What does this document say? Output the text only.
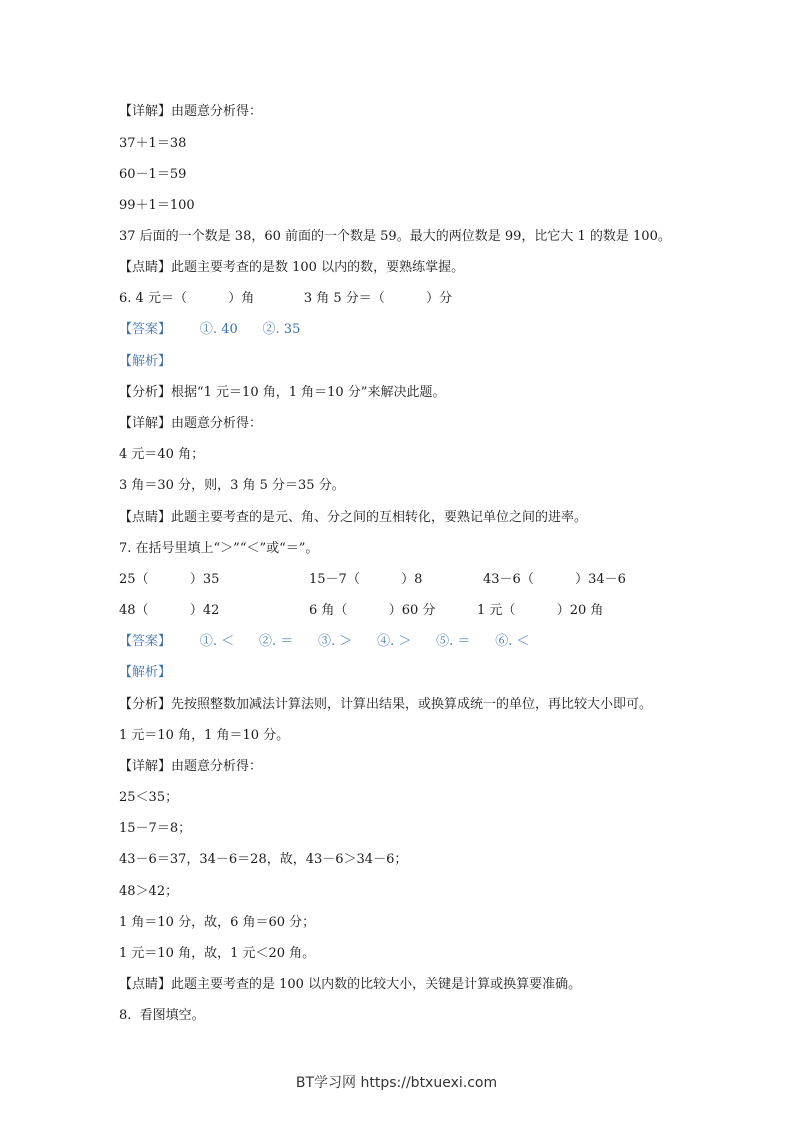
【详解】由题意分析得：
37＋1＝38
60－1＝59
99＋1＝100
37 后面的一个数是 38，60 前面的一个数是 59。最大的两位数是 99，比它大 1 的数是 100。
【点睛】此题主要考查的是数 100 以内的数，要熟练掌握。
6. 4 元＝（          ）角            3 角 5 分＝（          ）分
【答案】       ①. 40      ②. 35
【解析】
【分析】根据“1 元＝10 角，1 角＝10 分”来解决此题。
【详解】由题意分析得：
4 元＝40 角；
3 角＝30 分，则，3 角 5 分＝35 分。
【点睛】此题主要考查的是元、角、分之间的互相转化，要熟记单位之间的进率。
7. 在括号里填上“＞”“＜”或“＝”。
25（          ）35	15－7（          ）8	43－6（          ）34－6
48（          ）42	6 角（          ）60 分	1 元（          ）20 角
【答案】       ①. ＜      ②. ＝      ③. ＞      ④. ＞      ⑤. ＝      ⑥. ＜
【解析】
【分析】先按照整数加减法计算法则，计算出结果，或换算成统一的单位，再比较大小即可。
1 元＝10 角，1 角＝10 分。
【详解】由题意分析得：
25＜35；
15－7＝8；
43－6＝37，34－6＝28，故，43－6＞34－6；
48＞42；
1 角＝10 分，故，6 角＝60 分；
1 元＝10 角，故，1 元＜20 角。
【点睛】此题主要考查的是 100 以内数的比较大小，关键是计算或换算要准确。
8.  看图填空。
BT学习网 https://btxuexi.com
